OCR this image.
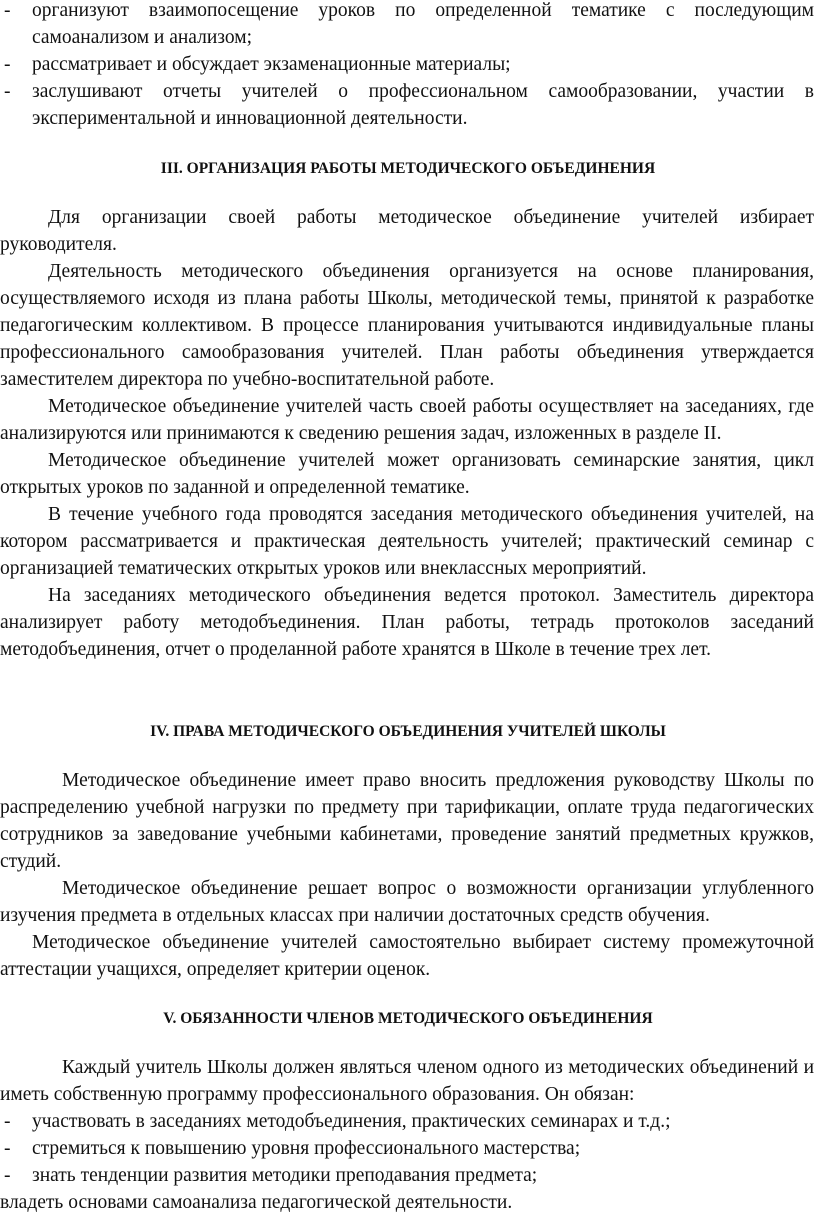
- организуют взаимопосещение уроков по определенной тематике с последующим самоанализом и анализом;
- рассматривает и обсуждает экзаменационные материалы;
- заслушивают отчеты учителей о профессиональном самообразовании, участии в экспериментальной и инновационной деятельности.
III. ОРГАНИЗАЦИЯ РАБОТЫ МЕТОДИЧЕСКОГО ОБЪЕДИНЕНИЯ

Для организации своей работы методическое объединение учителей избирает руководителя.

Деятельность методического объединения организуется на основе планирования, осуществляемого исходя из плана работы Школы, методической темы, принятой к разработке педагогическим коллективом. В процессе планирования учитываются индивидуальные планы профессионального самообразования учителей. План работы объединения утверждается заместителем директора по учебно-воспитательной работе.

Методическое объединение учителей часть своей работы осуществляет на заседаниях, где анализируются или принимаются к сведению решения задач, изложенных в разделе II.

Методическое объединение учителей может организовать семинарские занятия, цикл открытых уроков по заданной и определенной тематике.

В течение учебного года проводятся заседания методического объединения учителей, на котором рассматривается и практическая деятельность учителей; практический семинар с организацией тематических открытых уроков или внеклассных мероприятий.

На заседаниях методического объединения ведется протокол. Заместитель директора анализирует работу методобъединения. План работы, тетрадь протоколов заседаний методобъединения, отчет о проделанной работе хранятся в Школе в течение трех лет.

IV. ПРАВА МЕТОДИЧЕСКОГО ОБЪЕДИНЕНИЯ УЧИТЕЛЕЙ ШКОЛЫ

Методическое объединение имеет право вносить предложения руководству Школы по распределению учебной нагрузки по предмету при тарификации, оплате труда педагогических сотрудников за заведование учебными кабинетами, проведение занятий предметных кружков, студий.

Методическое объединение решает вопрос о возможности организации углубленного изучения предмета в отдельных классах при наличии достаточных средств обучения.

Методическое объединение учителей самостоятельно выбирает систему промежуточной аттестации учащихся, определяет критерии оценок.

V. ОБЯЗАННОСТИ ЧЛЕНОВ МЕТОДИЧЕСКОГО ОБЪЕДИНЕНИЯ

Каждый учитель Школы должен являться членом одного из методических объединений и иметь собственную программу профессионального образования. Он обязан:

- участвовать в заседаниях методобъединения, практических семинарах и т.д.;
- стремиться к повышению уровня профессионального мастерства;
- знать тенденции развития методики преподавания предмета;

владеть основами самоанализа педагогической деятельности.
